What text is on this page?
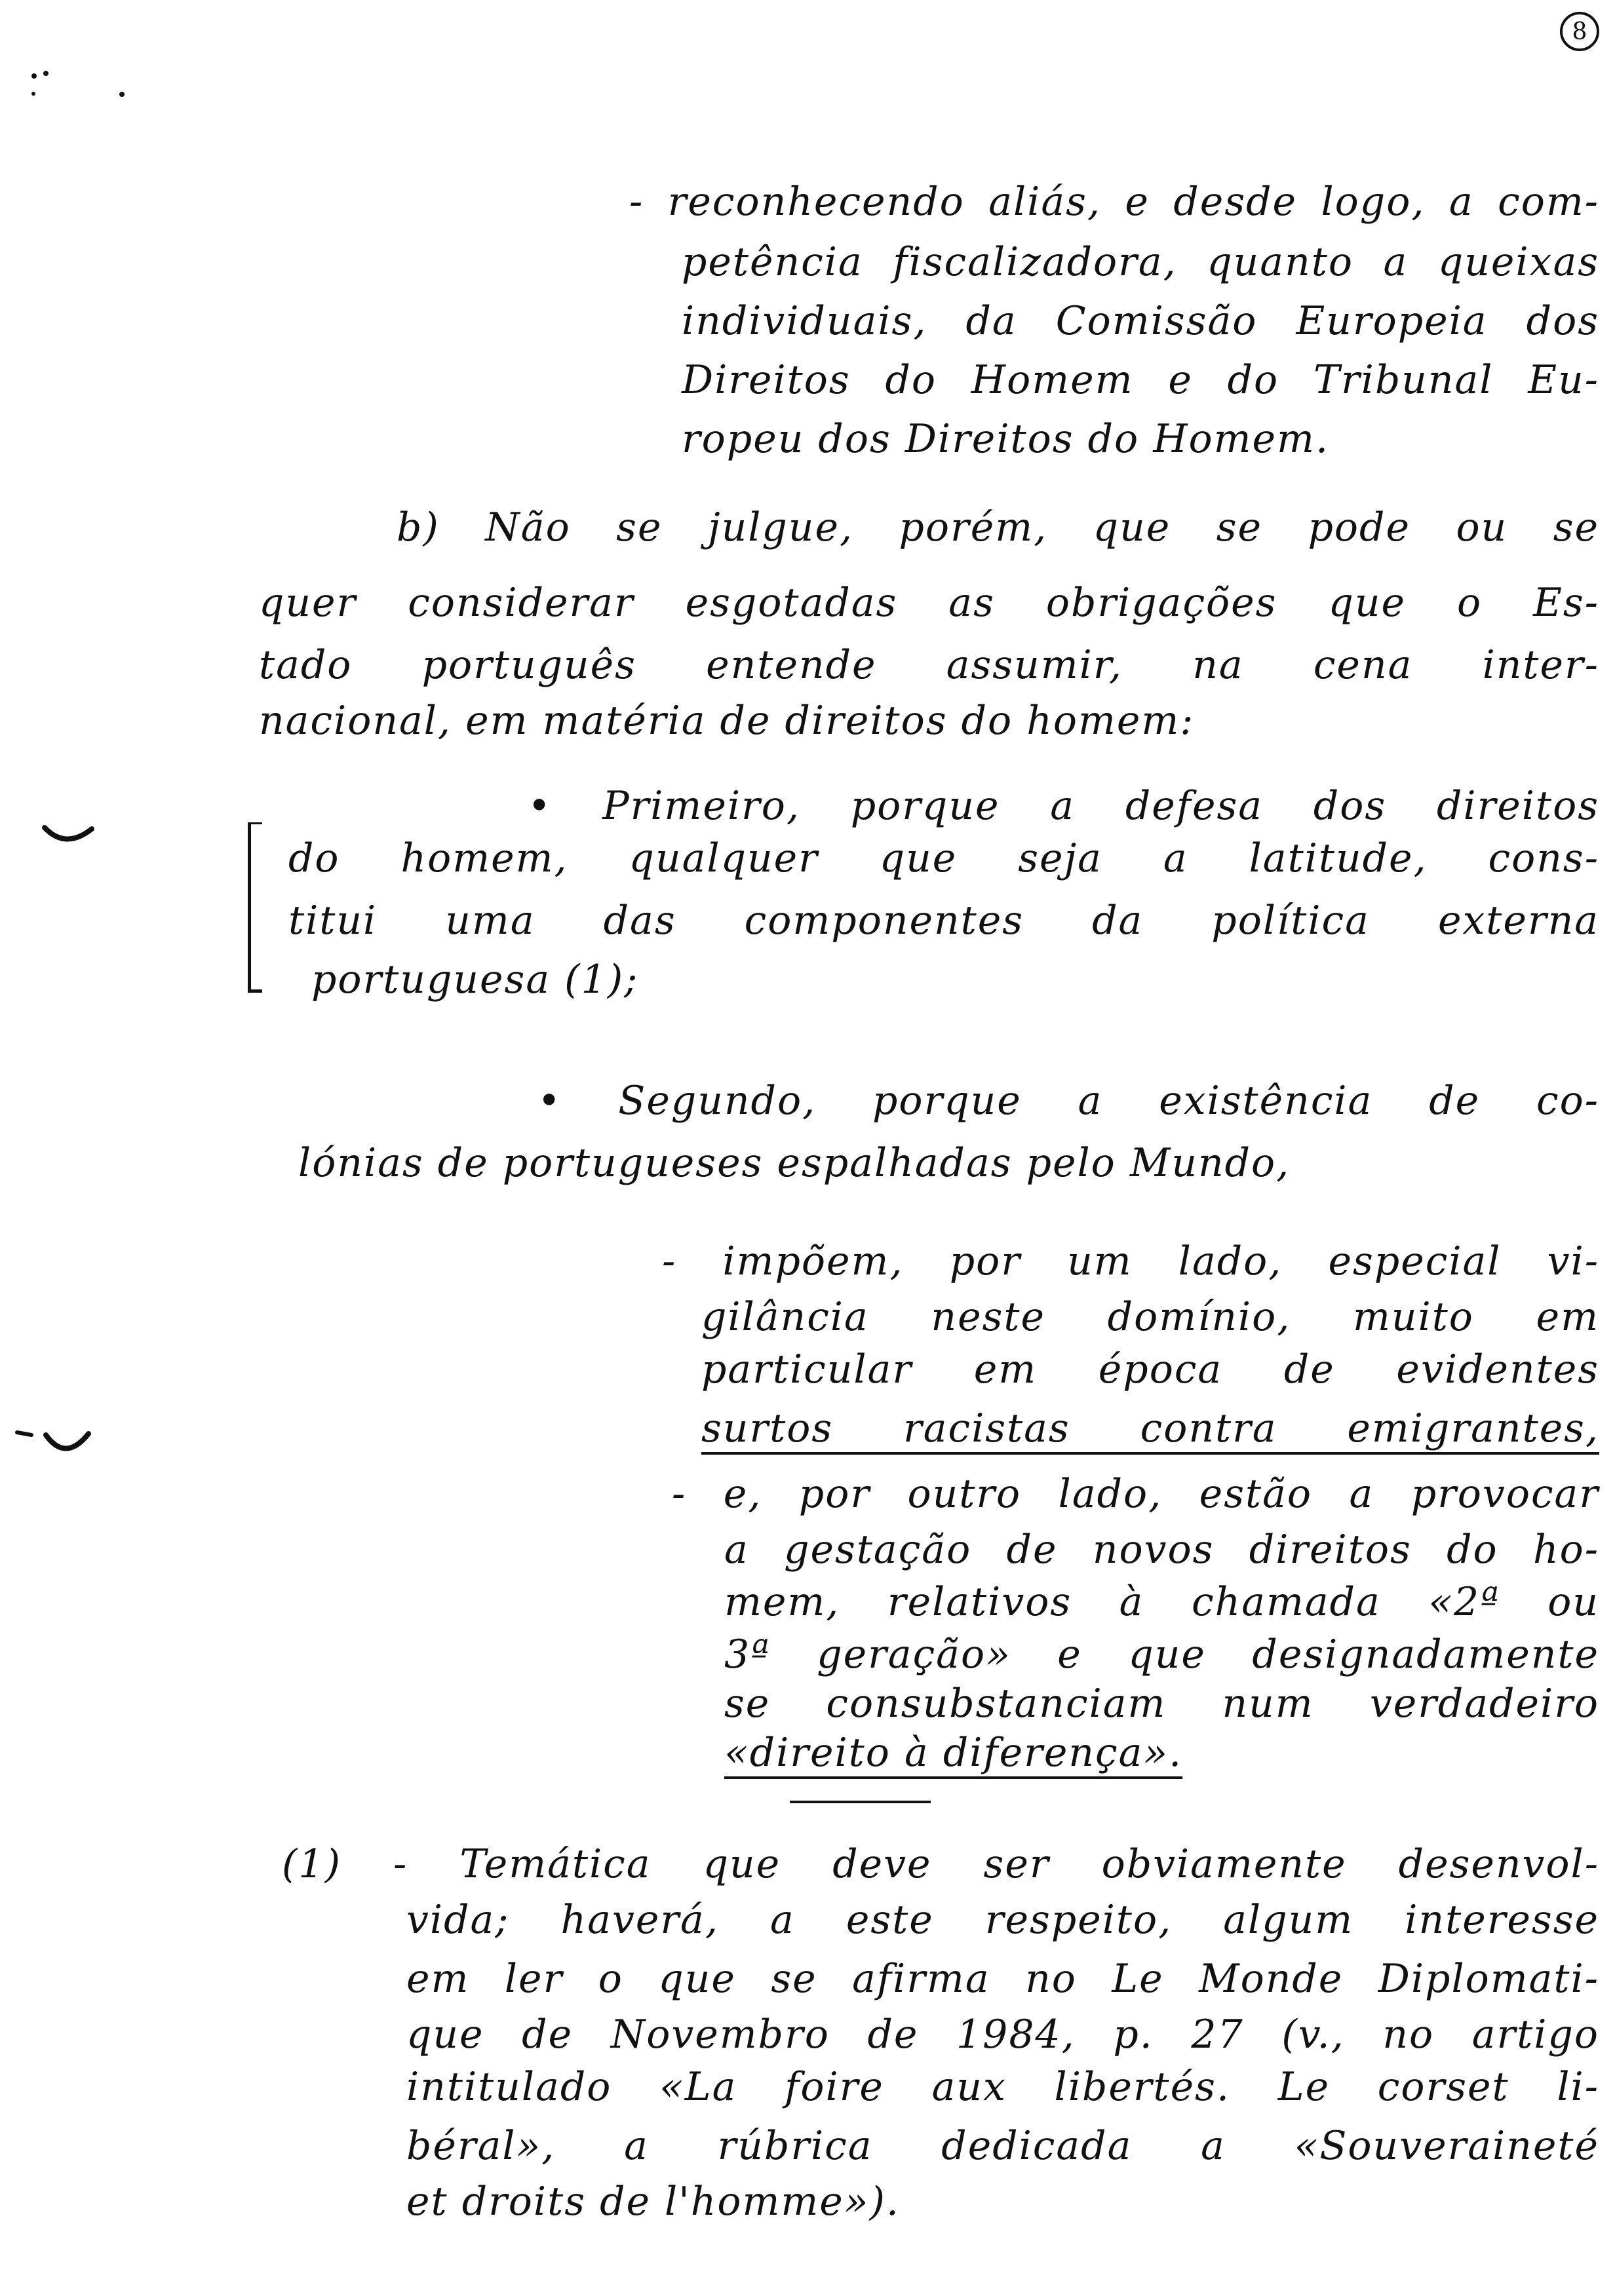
8
- reconhecendo aliás, e desde logo, a com-
petência fiscalizadora, quanto a queixas
individuais, da Comissão Europeia dos
Direitos do Homem e do Tribunal Eu-
ropeu dos Direitos do Homem.
b) Não se julgue, porém, que se pode ou se
quer considerar esgotadas as obrigações que o Es-
tado português entende assumir, na cena inter-
nacional, em matéria de direitos do homem:
• Primeiro, porque a defesa dos direitos
do homem, qualquer que seja a latitude, cons-
titui uma das componentes da política externa
portuguesa (1);
• Segundo, porque a existência de co-
lónias de portugueses espalhadas pelo Mundo,
- impõem, por um lado, especial vi-
gilância neste domínio, muito em
particular em época de evidentes
surtos racistas contra emigrantes,
- e, por outro lado, estão a provocar
a gestação de novos direitos do ho-
mem, relativos à chamada «2ª ou
3ª geração» e que designadamente
se consubstanciam num verdadeiro
«direito à diferença».
(1) - Temática que deve ser obviamente desenvol-
vida; haverá, a este respeito, algum interesse
em ler o que se afirma no Le Monde Diplomati-
que de Novembro de 1984, p. 27 (v., no artigo
intitulado «La foire aux libertés. Le corset li-
béral», a rúbrica dedicada a «Souveraineté
et droits de l'homme»).
